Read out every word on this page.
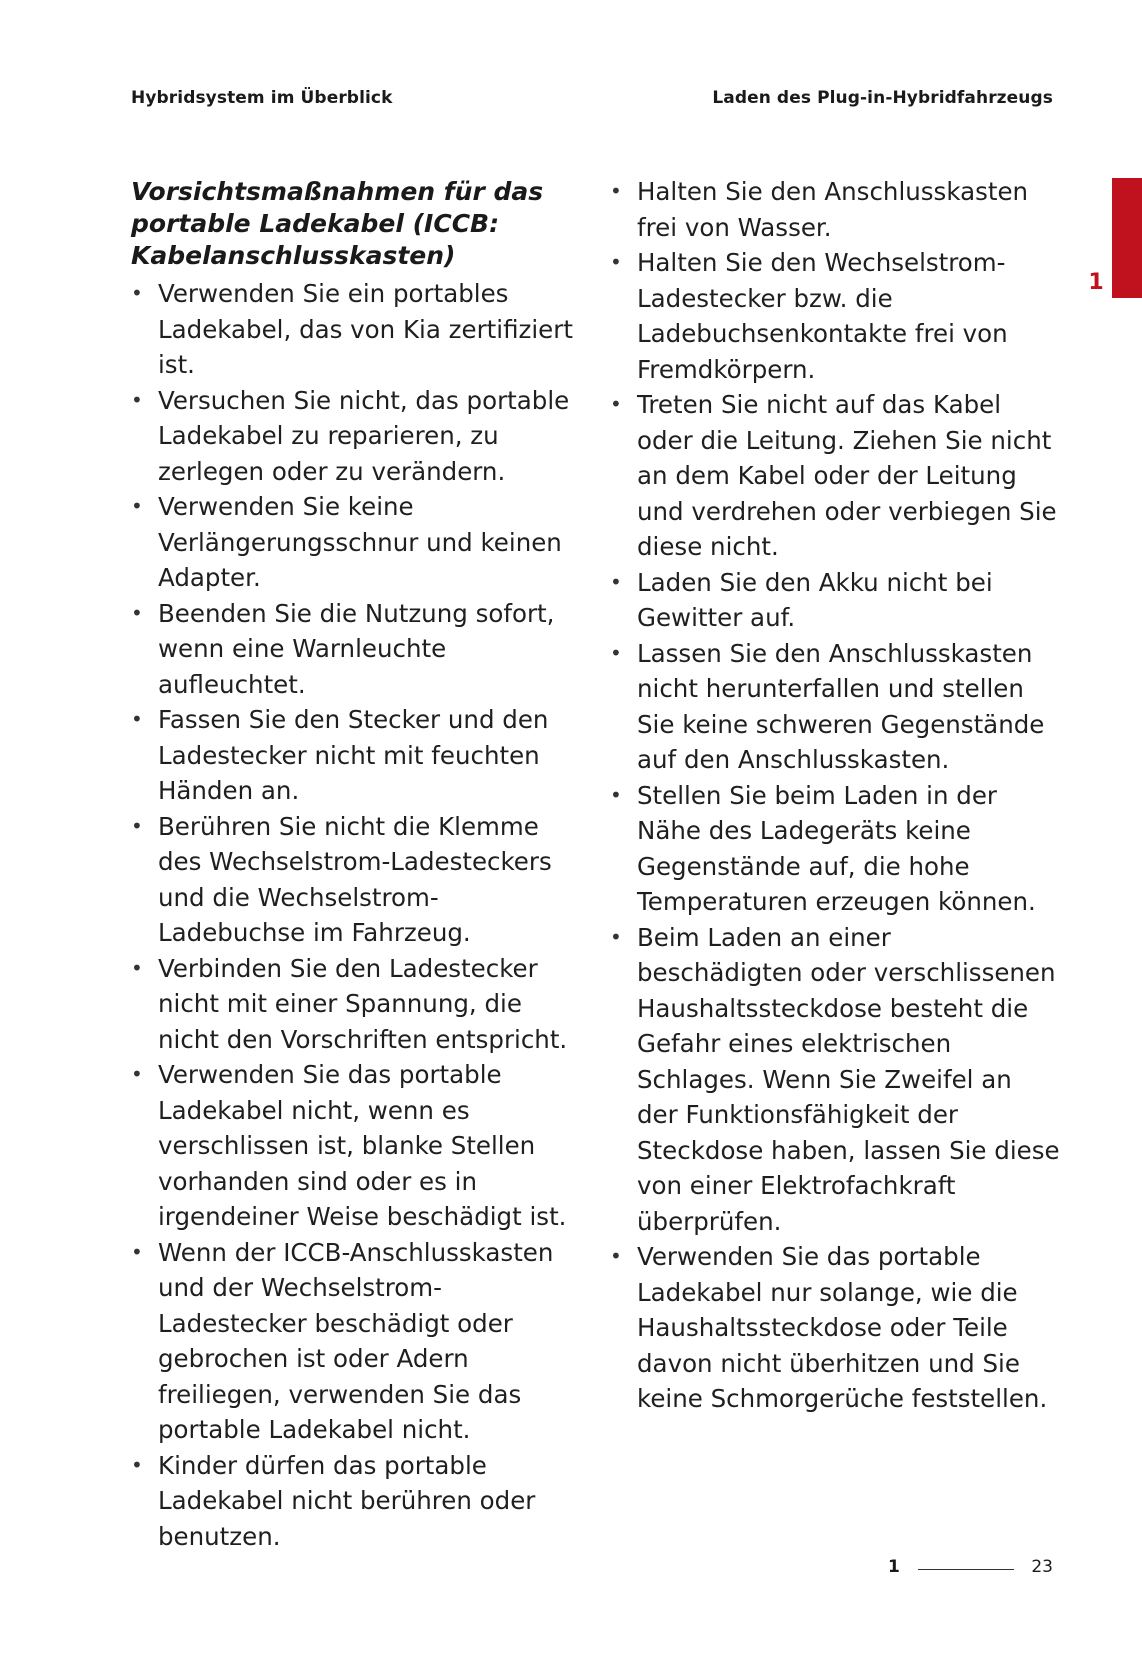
Hybridsystem im Überblick	Laden des Plug-in-Hybridfahrzeugs
1
Vorsichtsmaßnahmen für das portable Ladekabel (ICCB: Kabelanschlusskasten)
• Verwenden Sie ein portables Ladekabel, das von Kia zertifiziert ist.
• Versuchen Sie nicht, das portable Ladekabel zu reparieren, zu zerlegen oder zu verändern.
• Verwenden Sie keine Verlängerungsschnur und keinen Adapter.
• Beenden Sie die Nutzung sofort, wenn eine Warnleuchte aufleuchtet.
• Fassen Sie den Stecker und den Ladestecker nicht mit feuchten Händen an.
• Berühren Sie nicht die Klemme des Wechselstrom-Ladesteckers und die Wechselstrom-Ladebuchse im Fahrzeug.
• Verbinden Sie den Ladestecker nicht mit einer Spannung, die nicht den Vorschriften entspricht.
• Verwenden Sie das portable Ladekabel nicht, wenn es verschlissen ist, blanke Stellen vorhanden sind oder es in irgendeiner Weise beschädigt ist.
• Wenn der ICCB-Anschlusskasten und der Wechselstrom-Ladestecker beschädigt oder gebrochen ist oder Adern freiliegen, verwenden Sie das portable Ladekabel nicht.
• Kinder dürfen das portable Ladekabel nicht berühren oder benutzen.
• Halten Sie den Anschlusskasten frei von Wasser.
• Halten Sie den Wechselstrom-Ladestecker bzw. die Ladebuchsenkontakte frei von Fremdkörpern.
• Treten Sie nicht auf das Kabel oder die Leitung. Ziehen Sie nicht an dem Kabel oder der Leitung und verdrehen oder verbiegen Sie diese nicht.
• Laden Sie den Akku nicht bei Gewitter auf.
• Lassen Sie den Anschlusskasten nicht herunterfallen und stellen Sie keine schweren Gegenstände auf den Anschlusskasten.
• Stellen Sie beim Laden in der Nähe des Ladegeräts keine Gegenstände auf, die hohe Temperaturen erzeugen können.
• Beim Laden an einer beschädigten oder verschlissenen Haushaltssteckdose besteht die Gefahr eines elektrischen Schlages. Wenn Sie Zweifel an der Funktionsfähigkeit der Steckdose haben, lassen Sie diese von einer Elektrofachkraft überprüfen.
• Verwenden Sie das portable Ladekabel nur solange, wie die Haushaltssteckdose oder Teile davon nicht überhitzen und Sie keine Schmorgerüche feststellen.
1	23
